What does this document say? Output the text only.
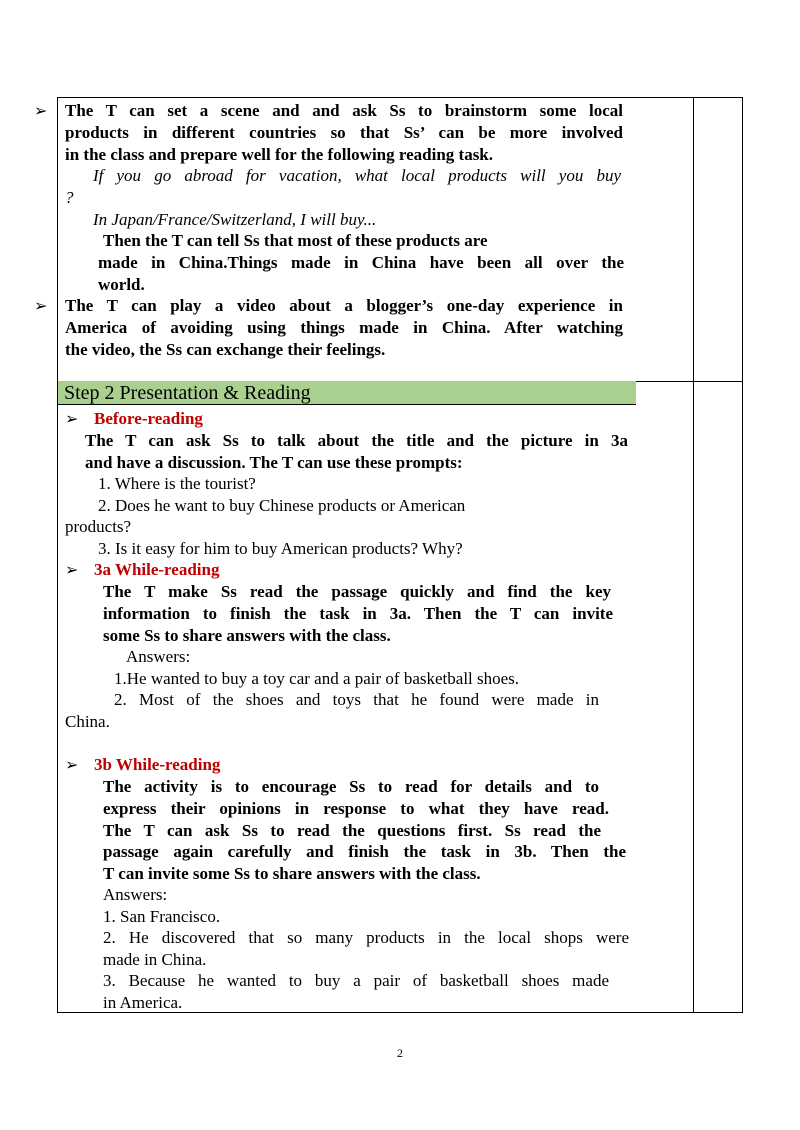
➢
➢
The T can set a scene and and ask Ss to brainstorm some local
products in different countries so that Ss’ can be more involved
in the class and prepare well for the following reading task.
If you go abroad for vacation, what local products will you buy
?
In Japan/France/Switzerland, I will buy...
Then the T can tell Ss that most of these products are
made in China.Things made in China have been all over the
world.
The T can play a video about a blogger’s one-day experience in
America of avoiding using things made in China. After watching
the video, the Ss can exchange their feelings.
Step 2 Presentation & Reading
➢ Before-reading
The T can ask Ss to talk about the title and the picture in 3a
and have a discussion. The T can use these prompts:
1. Where is the tourist?
2. Does he want to buy Chinese products or American
products?
3. Is it easy for him to buy American products? Why?
➢ 3a While-reading
The T make Ss read the passage quickly and find the key
information to finish the task in 3a. Then the T can invite
some Ss to share answers with the class.
Answers:
1.He wanted to buy a toy car and a pair of basketball shoes.
2. Most of the shoes and toys that he found were made in
China.
➢ 3b While-reading
The activity is to encourage Ss to read for details and to
express their opinions in response to what they have read.
The T can ask Ss to read the questions first. Ss read the
passage again carefully and finish the task in 3b. Then the
T can invite some Ss to share answers with the class.
Answers:
1. San Francisco.
2. He discovered that so many products in the local shops were
made in China.
3. Because he wanted to buy a pair of basketball shoes made
in America.
2
